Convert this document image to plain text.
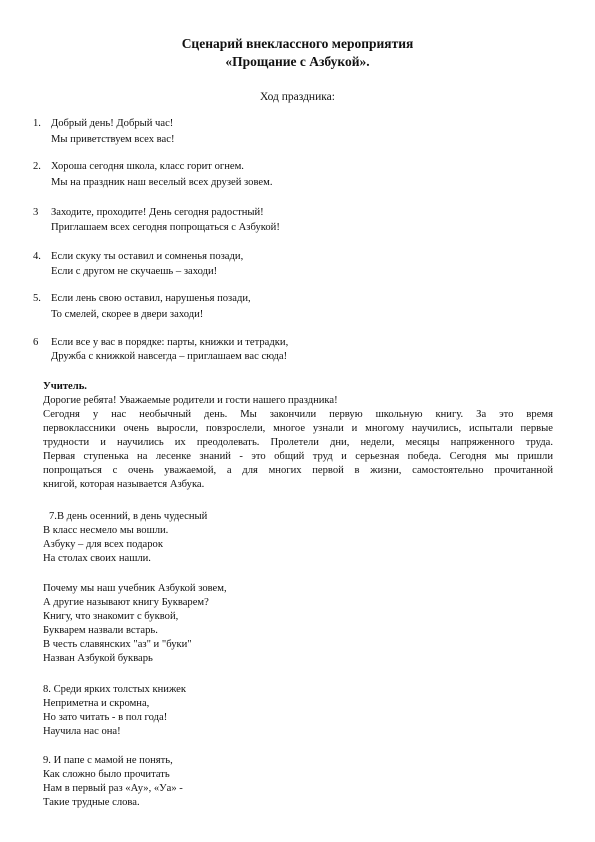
Сценарий внеклассного мероприятия
«Прощание с Азбукой».
Ход праздника:
1. Добрый день! Добрый час!
Мы приветствуем всех вас!
2. Хороша сегодня школа, класс горит огнем.
Мы на праздник наш веселый всех друзей зовем.
3 Заходите, проходите! День сегодня радостный!
Приглашаем всех сегодня попрощаться с Азбукой!
4. Если скуку ты оставил и сомненья позади,
Если с другом не скучаешь – заходи!
5. Если лень свою оставил, нарушенья позади,
То смелей, скорее в двери заходи!
6 Если все у вас в порядке: парты, книжки и тетрадки,
Дружба с книжкой навсегда – приглашаем вас сюда!
Учитель.
Дорогие ребята! Уважаемые родители и гости нашего праздника!
Сегодня у нас необычный день. Мы закончили первую школьную книгу. За это время
первоклассники очень выросли, повзрослели, многое узнали и многому научились, испытали первые
трудности и научились их преодолевать. Пролетели дни, недели, месяцы напряженного труда.
Первая ступенька на лесенке знаний - это общий труд и серьезная победа. Сегодня мы пришли
попрощаться с очень уважаемой, а для многих первой в жизни, самостоятельно прочитанной
книгой, которая называется Азбука.
7.В день осенний, в день чудесный
В класс несмело мы вошли.
Азбуку – для всех подарок
На столах своих нашли.
Почему мы наш учебник Азбукой зовем,
А другие называют книгу Букварем?
Книгу, что знакомит с буквой,
Букварем назвали встарь.
В честь славянских "аз" и "буки"
Назван Азбукой букварь
8. Среди ярких толстых книжек
Неприметна и скромна,
Но зато читать - в пол года!
Научила нас она!
9. И папе с мамой не понять,
Как сложно было прочитать
Нам в первый раз «Ау», «Уа» -
Такие трудные слова.
